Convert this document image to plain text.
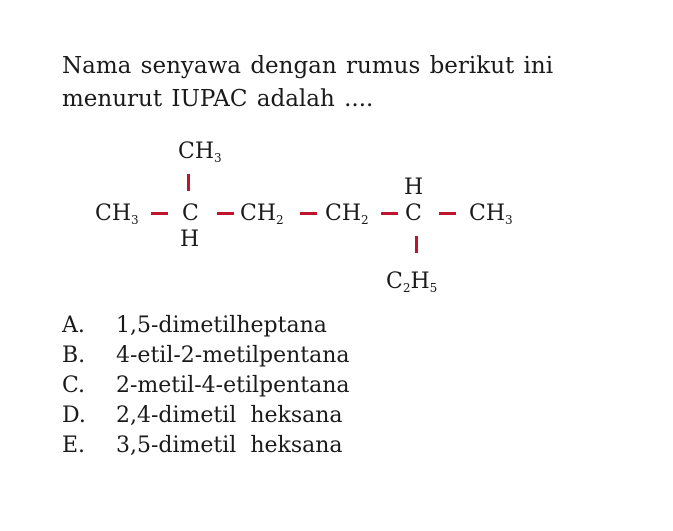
Nama senyawa dengan rumus berikut ini
menurut IUPAC adalah ....

$CH_3$
$CH_3$ C
H
$CH_2$ $CH_2$
H
C $CH_3$
$C_2H_5$
A.	1,5-dimetilheptana
B.	4-etil-2-metilpentana
C.	2-metil-4-etilpentana
D.	2,4-dimetil  heksana
E.	3,5-dimetil  heksana
